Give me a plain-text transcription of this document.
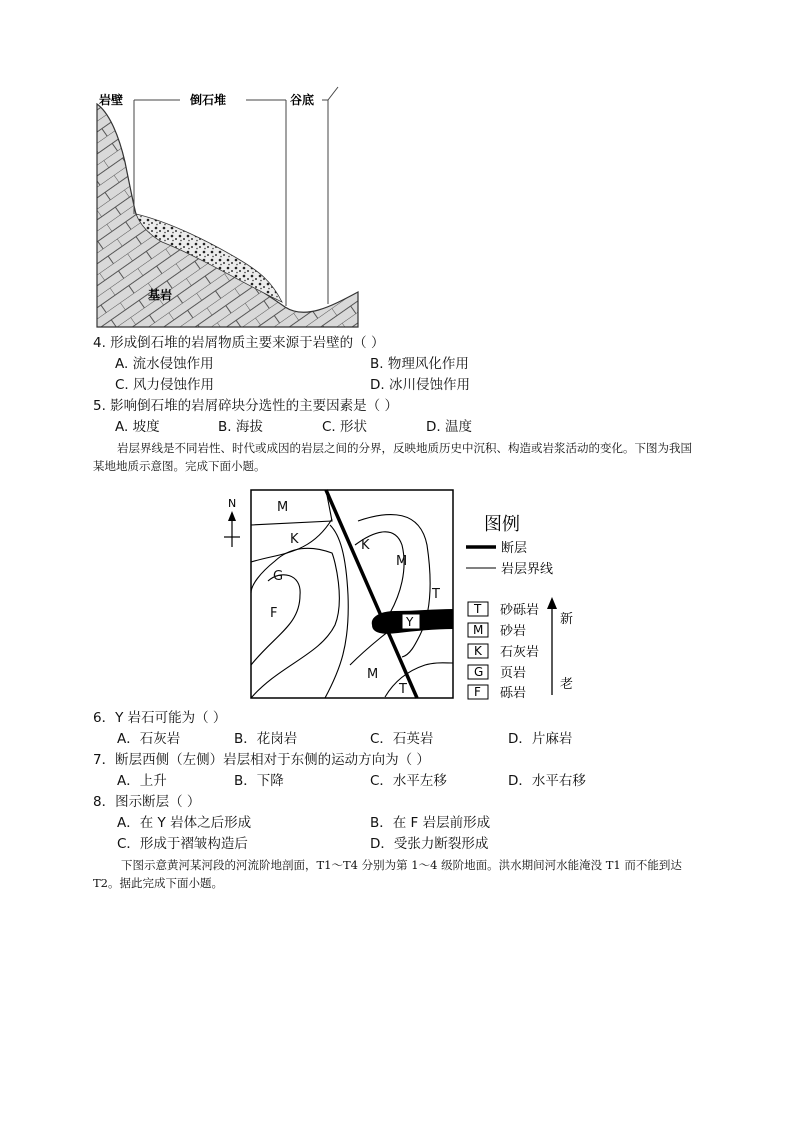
岩壁	倒石堆	谷底
基岩
4. 形成倒石堆的岩屑物质主要来源于岩壁的（ ）
A. 流水侵蚀作用	B. 物理风化作用
C. 风力侵蚀作用	D. 冰川侵蚀作用
5. 影响倒石堆的岩屑碎块分选性的主要因素是（ ）
A. 坡度	B. 海拔	C. 形状	D. 温度
岩层界线是不同岩性、时代或成因的岩层之间的分界，反映地质历史中沉积、构造或岩浆活动的变化。下图为我国某地地质示意图。完成下面小题。
N
Y
M
K	K
M
G
F
T
M
T
图例
断层
岩层界线
T 砂砾岩
M 砂岩
K 石灰岩
G 页岩
F 砾岩
新
老
6．Y 岩石可能为（ ）
A．石灰岩	B．花岗岩	C．石英岩	D．片麻岩
7．断层西侧（左侧）岩层相对于东侧的运动方向为（ ）
A．上升	B．下降	C．水平左移	D．水平右移
8．图示断层（ ）
A．在 Y 岩体之后形成	B．在 F 岩层前形成
C．形成于褶皱构造后	D．受张力断裂形成
下图示意黄河某河段的河流阶地剖面，T1～T4 分别为第 1～4 级阶地面。洪水期间河水能淹没 T1 而不能到达 T2。据此完成下面小题。
